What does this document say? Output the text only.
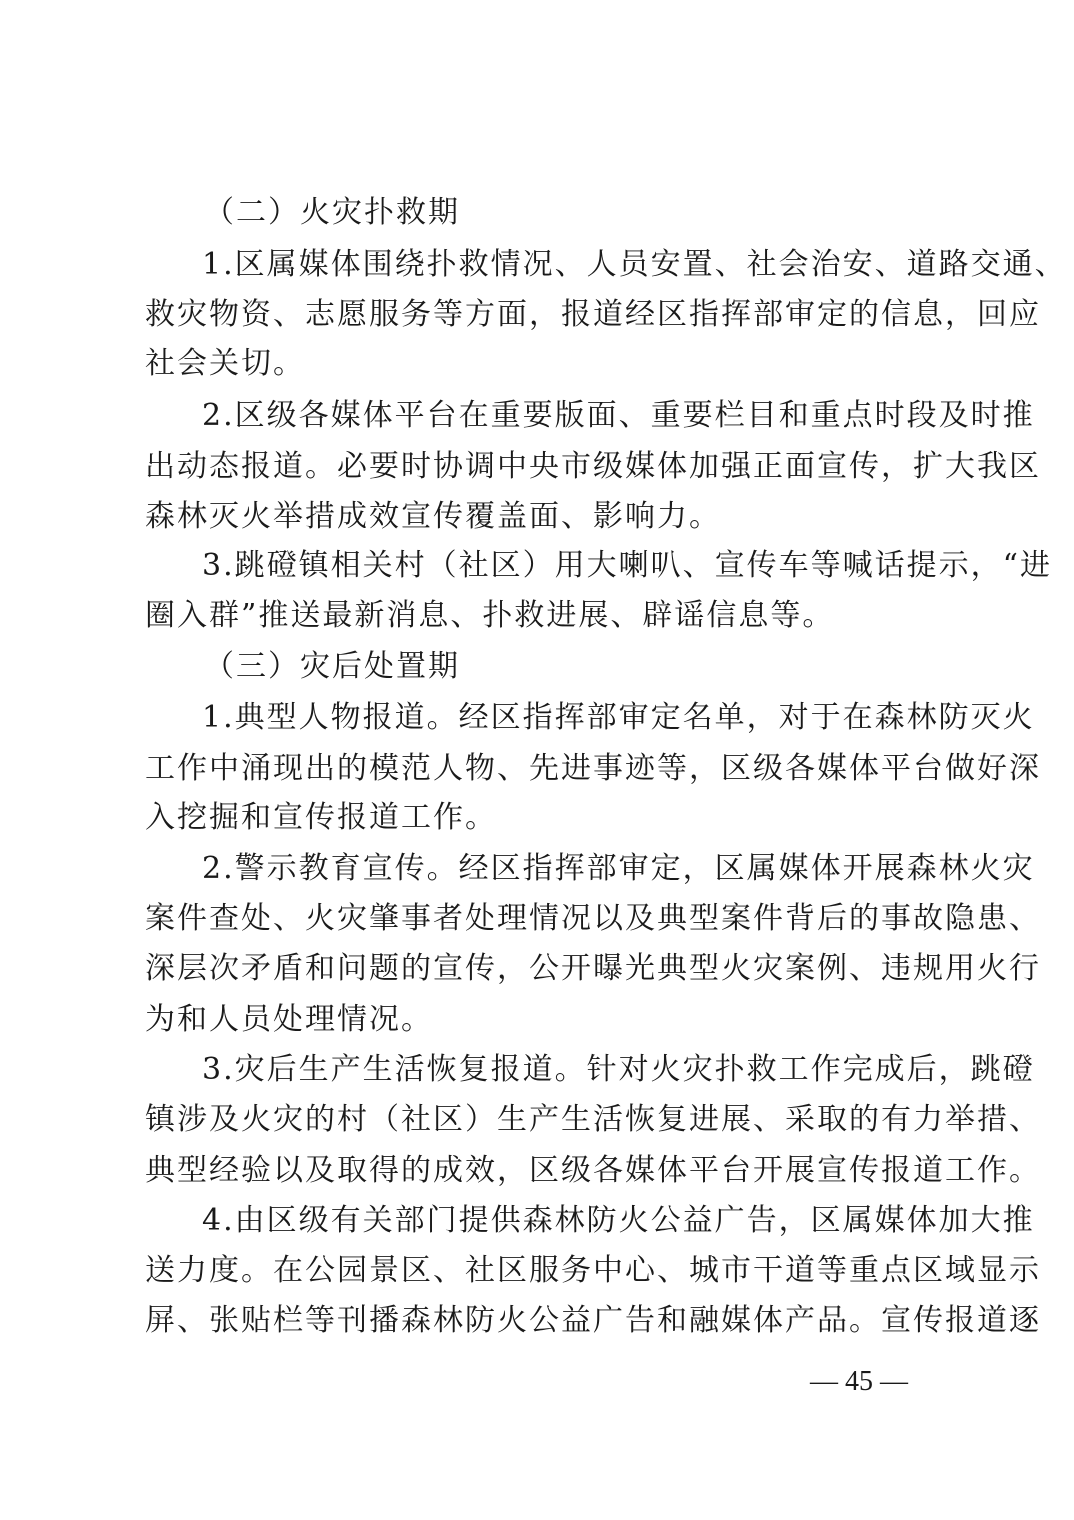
（二）火灾扑救期
1.区属媒体围绕扑救情况、人员安置、社会治安、道路交通、
救灾物资、志愿服务等方面，报道经区指挥部审定的信息，回应
社会关切。
2.区级各媒体平台在重要版面、重要栏目和重点时段及时推
出动态报道。必要时协调中央市级媒体加强正面宣传，扩大我区
森林灭火举措成效宣传覆盖面、影响力。
3.跳磴镇相关村（社区）用大喇叭、宣传车等喊话提示，“进
圈入群”推送最新消息、扑救进展、辟谣信息等。
（三）灾后处置期
1.典型人物报道。经区指挥部审定名单，对于在森林防灭火
工作中涌现出的模范人物、先进事迹等，区级各媒体平台做好深
入挖掘和宣传报道工作。
2.警示教育宣传。经区指挥部审定，区属媒体开展森林火灾
案件查处、火灾肇事者处理情况以及典型案件背后的事故隐患、
深层次矛盾和问题的宣传，公开曝光典型火灾案例、违规用火行
为和人员处理情况。
3.灾后生产生活恢复报道。针对火灾扑救工作完成后，跳磴
镇涉及火灾的村（社区）生产生活恢复进展、采取的有力举措、
典型经验以及取得的成效，区级各媒体平台开展宣传报道工作。
4.由区级有关部门提供森林防火公益广告，区属媒体加大推
送力度。在公园景区、社区服务中心、城市干道等重点区域显示
屏、张贴栏等刊播森林防火公益广告和融媒体产品。宣传报道逐
— 45 —
